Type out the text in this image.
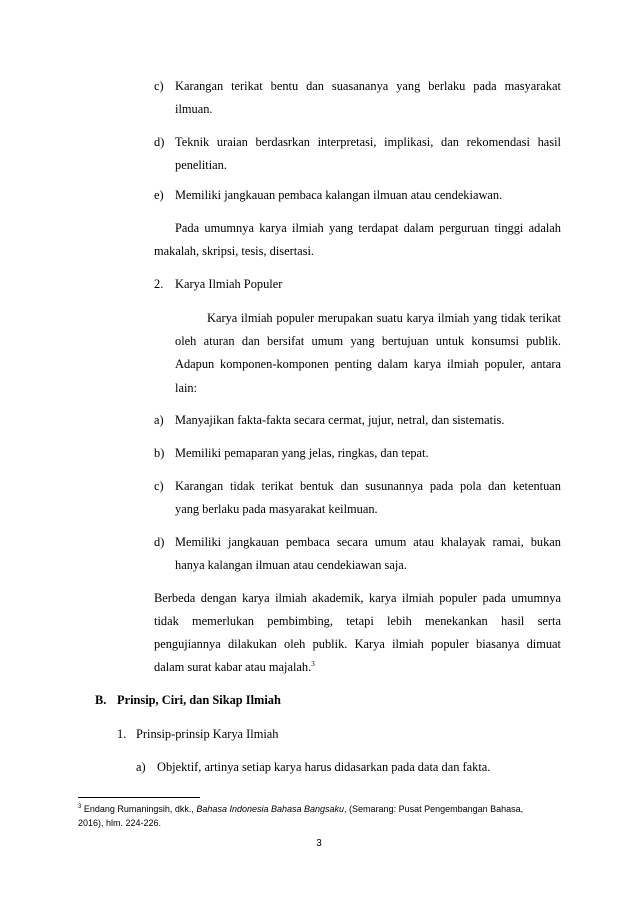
c) Karangan terikat bentu dan suasananya yang berlaku pada masyarakat
ilmuan.
d) Teknik uraian berdasrkan interpretasi, implikasi, dan rekomendasi hasil
penelitian.
e) Memiliki jangkauan pembaca kalangan ilmuan atau cendekiawan.
Pada umumnya karya ilmiah yang terdapat dalam perguruan tinggi adalah
makalah, skripsi, tesis, disertasi.
2. Karya Ilmiah Populer
Karya ilmiah populer merupakan suatu karya ilmiah yang tidak terikat
oleh aturan dan bersifat umum yang bertujuan untuk konsumsi publik.
Adapun komponen-komponen penting dalam karya ilmiah populer, antara
lain:
a) Manyajikan fakta-fakta secara cermat, jujur, netral, dan sistematis.
b) Memiliki pemaparan yang jelas, ringkas, dan tepat.
c) Karangan tidak terikat bentuk dan susunannya pada pola dan ketentuan
yang berlaku pada masyarakat keilmuan.
d) Memiliki jangkauan pembaca secara umum atau khalayak ramai, bukan
hanya kalangan ilmuan atau cendekiawan saja.
Berbeda dengan karya ilmiah akademik, karya ilmiah populer pada umumnya
tidak memerlukan pembimbing, tetapi lebih menekankan hasil serta
pengujiannya dilakukan oleh publik. Karya ilmiah populer biasanya dimuat
dalam surat kabar atau majalah.$^3$
B. Prinsip, Ciri, dan Sikap Ilmiah
1. Prinsip-prinsip Karya Ilmiah
a) Objektif, artinya setiap karya harus didasarkan pada data dan fakta.
$^3$ Endang Rumaningsih, dkk., Bahasa Indonesia Bahasa Bangsaku, (Semarang: Pusat Pengembangan Bahasa,
2016), hlm. 224-226.
3
